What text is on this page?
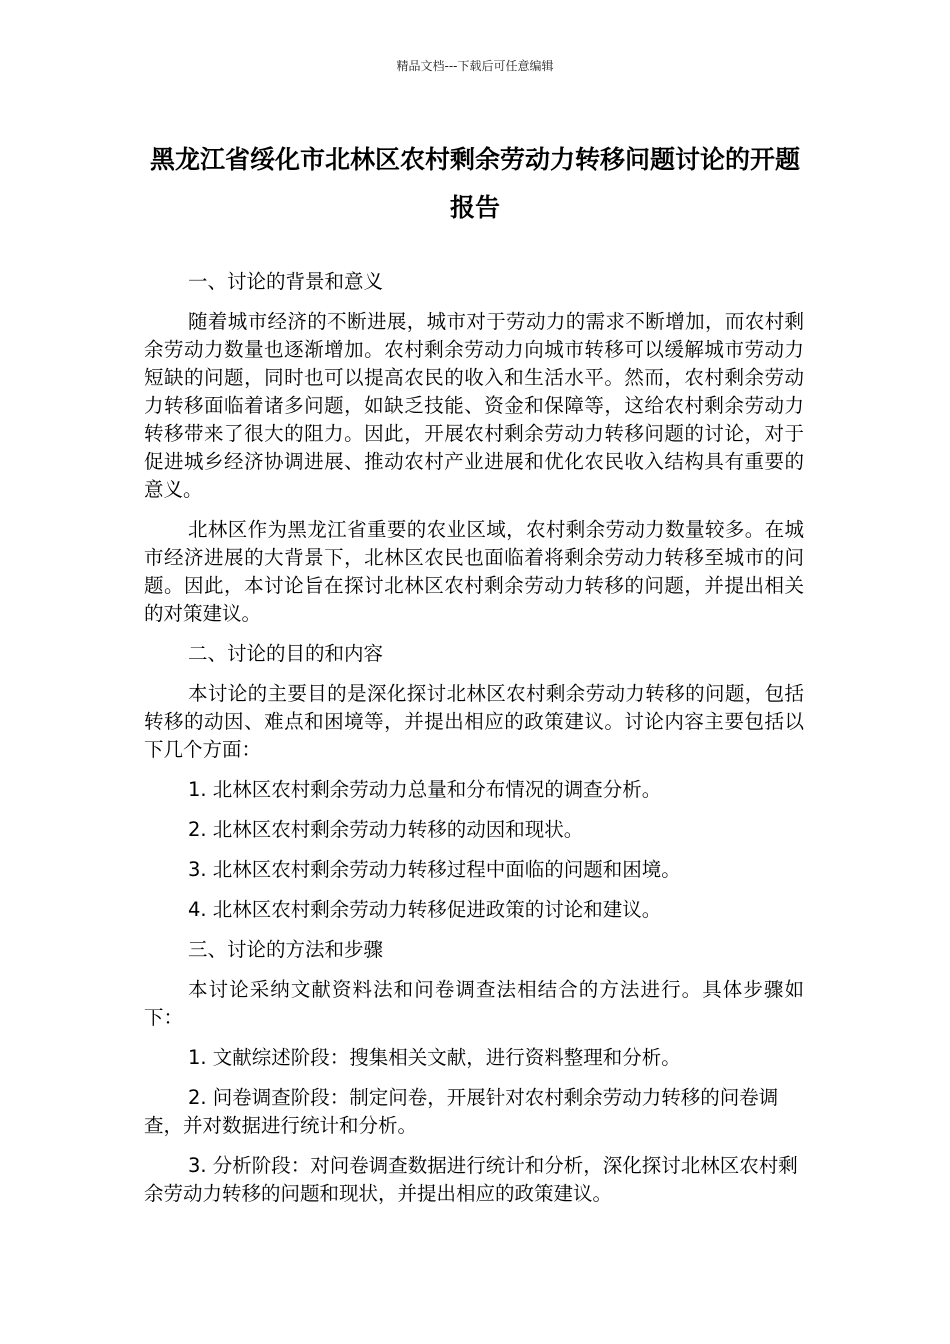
精品文档---下载后可任意编辑
黑龙江省绥化市北林区农村剩余劳动力转移问题讨论的开题报告

一、讨论的背景和意义

随着城市经济的不断进展，城市对于劳动力的需求不断增加，而农村剩余劳动力数量也逐渐增加。农村剩余劳动力向城市转移可以缓解城市劳动力短缺的问题，同时也可以提高农民的收入和生活水平。然而，农村剩余劳动力转移面临着诸多问题，如缺乏技能、资金和保障等，这给农村剩余劳动力转移带来了很大的阻力。因此，开展农村剩余劳动力转移问题的讨论，对于促进城乡经济协调进展、推动农村产业进展和优化农民收入结构具有重要的意义。

北林区作为黑龙江省重要的农业区域，农村剩余劳动力数量较多。在城市经济进展的大背景下，北林区农民也面临着将剩余劳动力转移至城市的问题。因此，本讨论旨在探讨北林区农村剩余劳动力转移的问题，并提出相关的对策建议。

二、讨论的目的和内容

本讨论的主要目的是深化探讨北林区农村剩余劳动力转移的问题，包括转移的动因、难点和困境等，并提出相应的政策建议。讨论内容主要包括以下几个方面：

1. 北林区农村剩余劳动力总量和分布情况的调查分析。

2. 北林区农村剩余劳动力转移的动因和现状。

3. 北林区农村剩余劳动力转移过程中面临的问题和困境。

4. 北林区农村剩余劳动力转移促进政策的讨论和建议。

三、讨论的方法和步骤

本讨论采纳文献资料法和问卷调查法相结合的方法进行。具体步骤如下：

1. 文献综述阶段：搜集相关文献，进行资料整理和分析。

2. 问卷调查阶段：制定问卷，开展针对农村剩余劳动力转移的问卷调查，并对数据进行统计和分析。

3. 分析阶段：对问卷调查数据进行统计和分析，深化探讨北林区农村剩余劳动力转移的问题和现状，并提出相应的政策建议。
